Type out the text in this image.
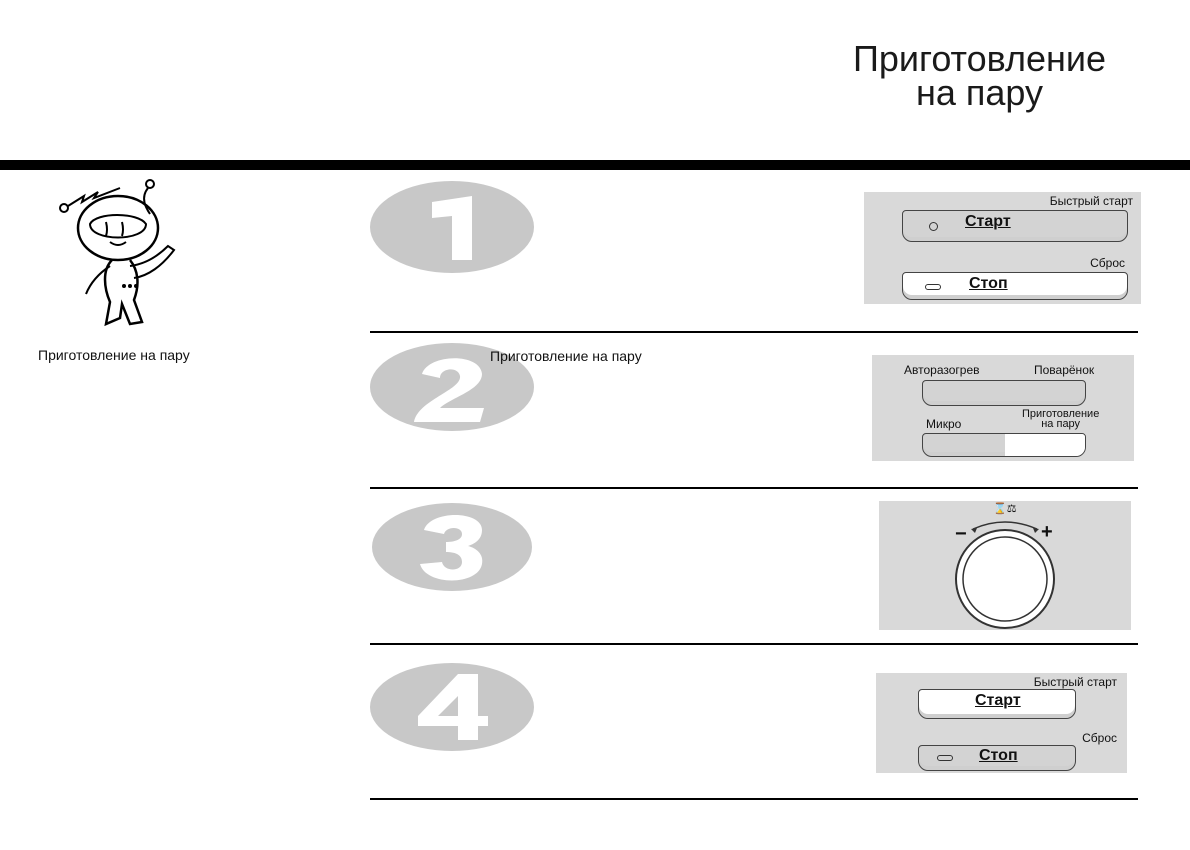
Приготовление
на пару
Приготовление на пару	Приготовление на пару
Быстрый старт
Старт
Сброс
Стоп
Авторазогрев	Поварёнок
Микро
Приготовление
на пару
−	+
⌛⚖
Быстрый старт
Старт
Сброс
Стоп
